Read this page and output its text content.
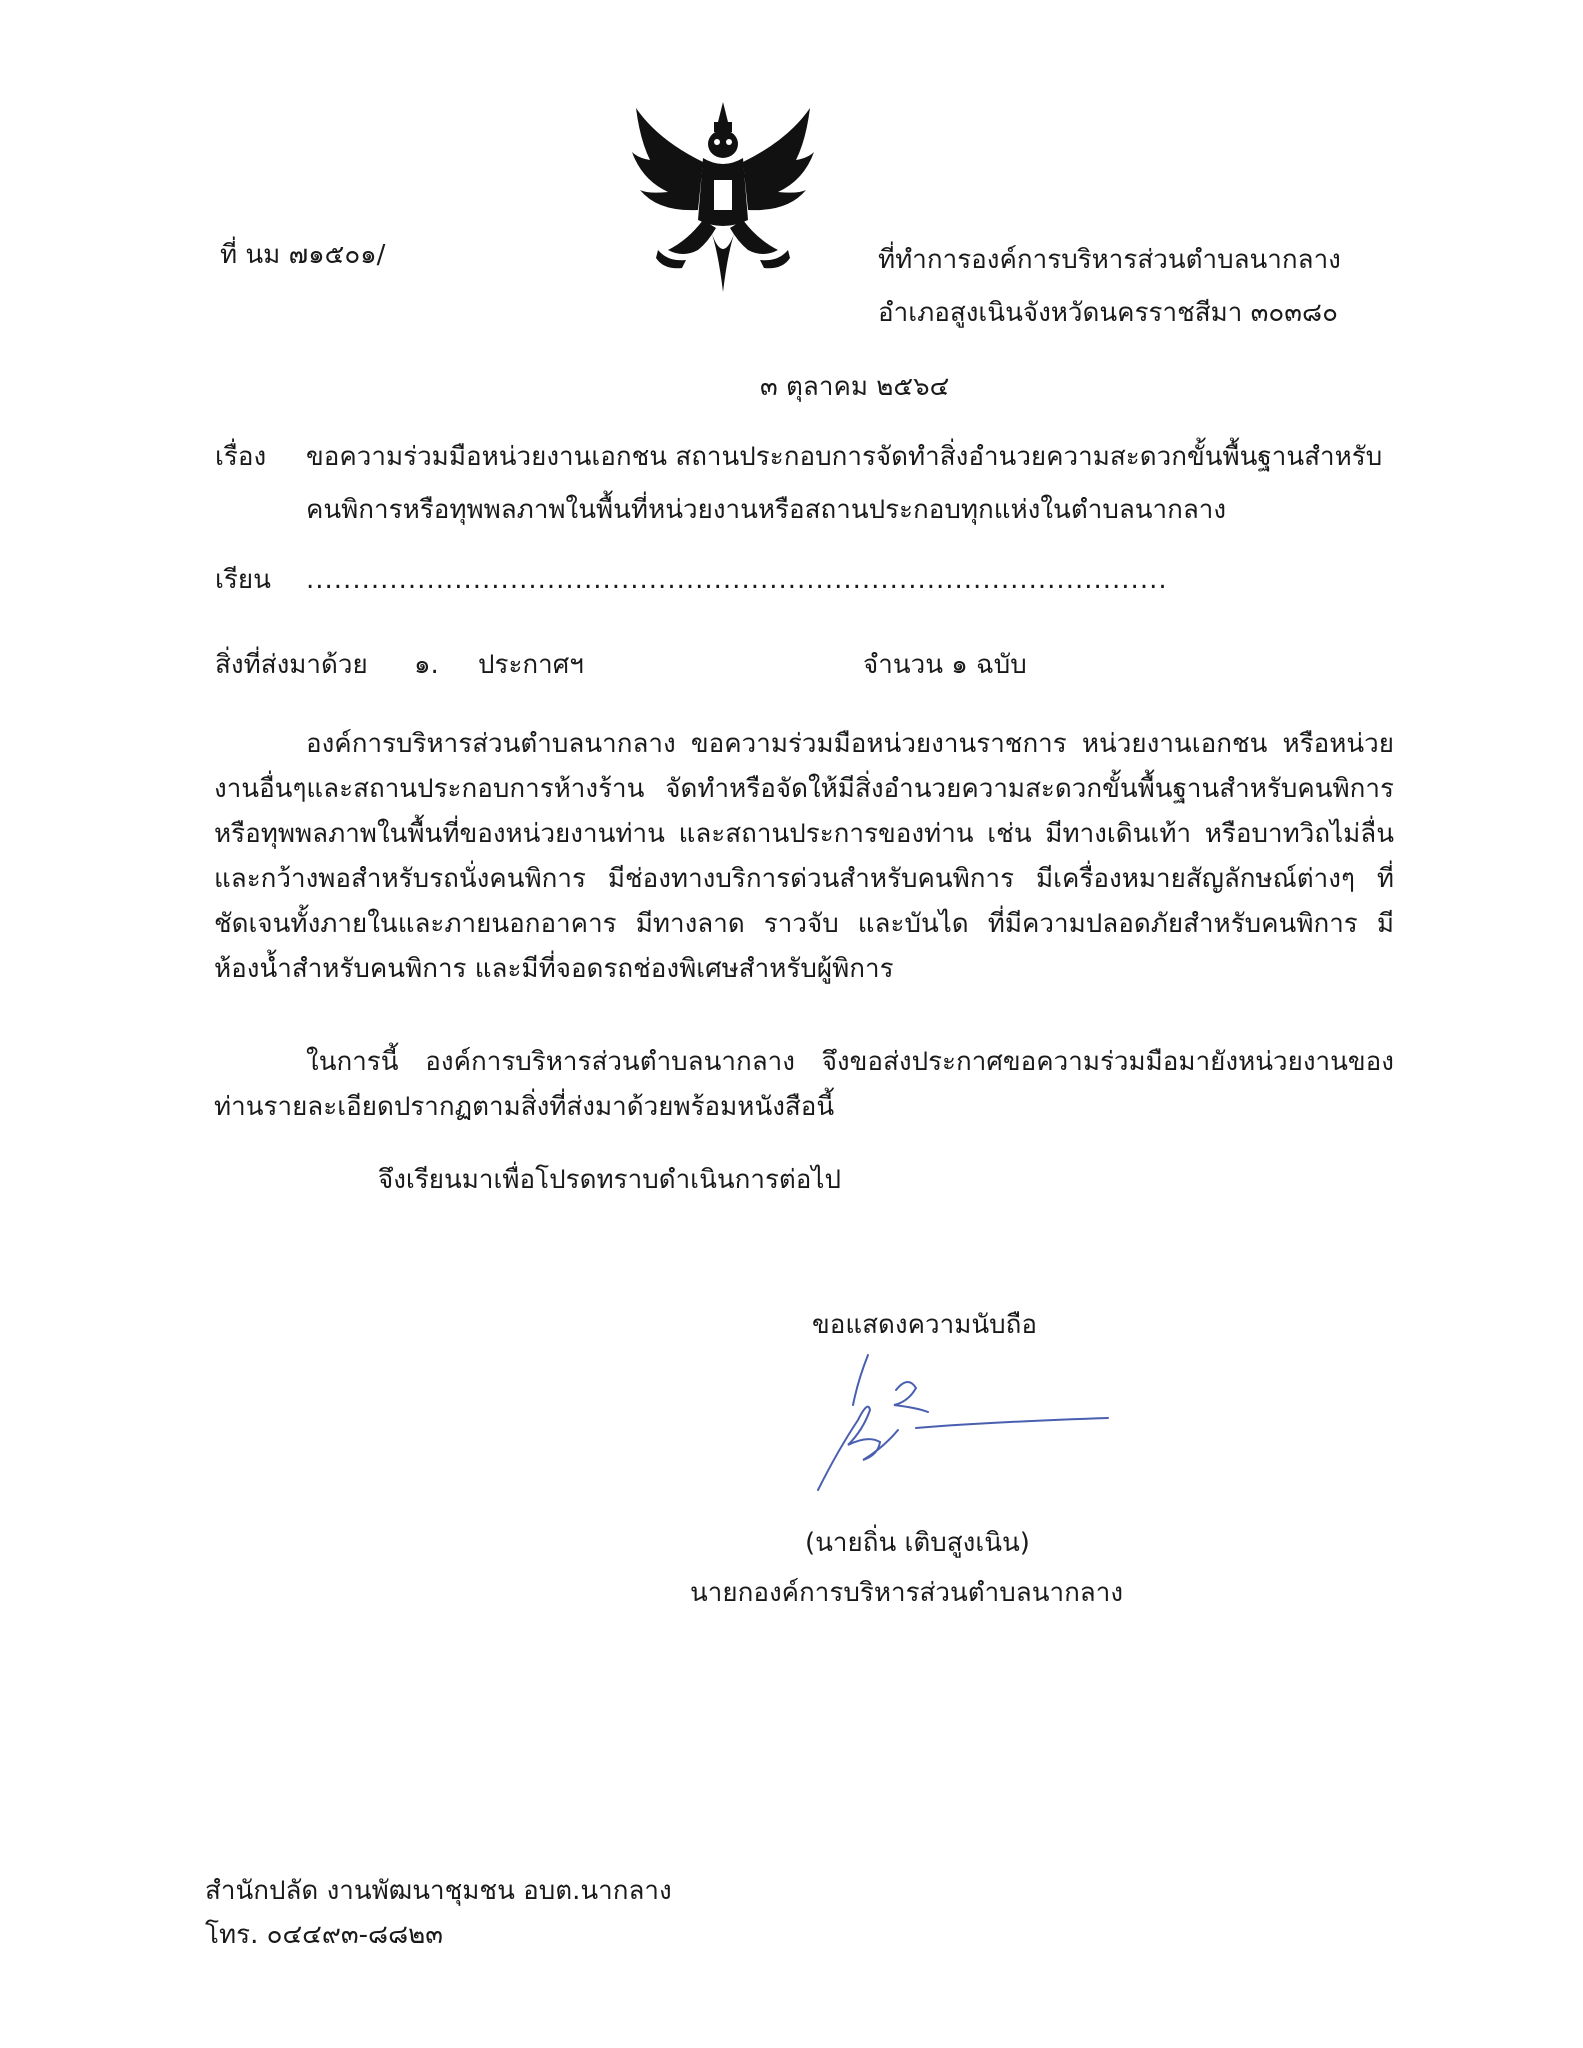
ที่ นม ๗๑๕๐๑/	ที่ทำการองค์การบริหารส่วนตำบลนากลาง
อำเภอสูงเนินจังหวัดนครราชสีมา ๓๐๓๘๐
๓ ตุลาคม ๒๕๖๔
เรื่อง ขอความร่วมมือหน่วยงานเอกชน สถานประกอบการจัดทำสิ่งอำนวยความสะดวกขั้นพื้นฐานสำหรับ
คนพิการหรือทุพพลภาพในพื้นที่หน่วยงานหรือสถานประกอบทุกแห่งในตำบลนากลาง
เรียน .............................................................................................
สิ่งที่ส่งมาด้วย ๑. ประกาศฯ	จำนวน ๑ ฉบับ
องค์การบริหารส่วนตำบลนากลาง ขอความร่วมมือหน่วยงานราชการ หน่วยงานเอกชน หรือหน่วยงานอื่นๆและสถานประกอบการห้างร้าน จัดทำหรือจัดให้มีสิ่งอำนวยความสะดวกขั้นพื้นฐานสำหรับคนพิการหรือทุพพลภาพในพื้นที่ของหน่วยงานท่าน และสถานประการของท่าน เช่น มีทางเดินเท้า หรือบาทวิถไม่ลื่น และกว้างพอสำหรับรถนั่งคนพิการ มีช่องทางบริการด่วนสำหรับคนพิการ มีเครื่องหมายสัญลักษณ์ต่างๆ ที่ชัดเจนทั้งภายในและภายนอกอาคาร มีทางลาด ราวจับ และบันได ที่มีความปลอดภัยสำหรับคนพิการ มีห้องน้ำสำหรับคนพิการ และมีที่จอดรถช่องพิเศษสำหรับผู้พิการ
ในการนี้ องค์การบริหารส่วนตำบลนากลาง จึงขอส่งประกาศขอความร่วมมือมายังหน่วยงานของท่านรายละเอียดปรากฏตามสิ่งที่ส่งมาด้วยพร้อมหนังสือนี้
จึงเรียนมาเพื่อโปรดทราบดำเนินการต่อไป
ขอแสดงความนับถือ
(นายถิ่น เติบสูงเนิน)
นายกองค์การบริหารส่วนตำบลนากลาง
สำนักปลัด งานพัฒนาชุมชน อบต.นากลาง
โทร. ๐๔๔๙๓-๘๘๒๓
